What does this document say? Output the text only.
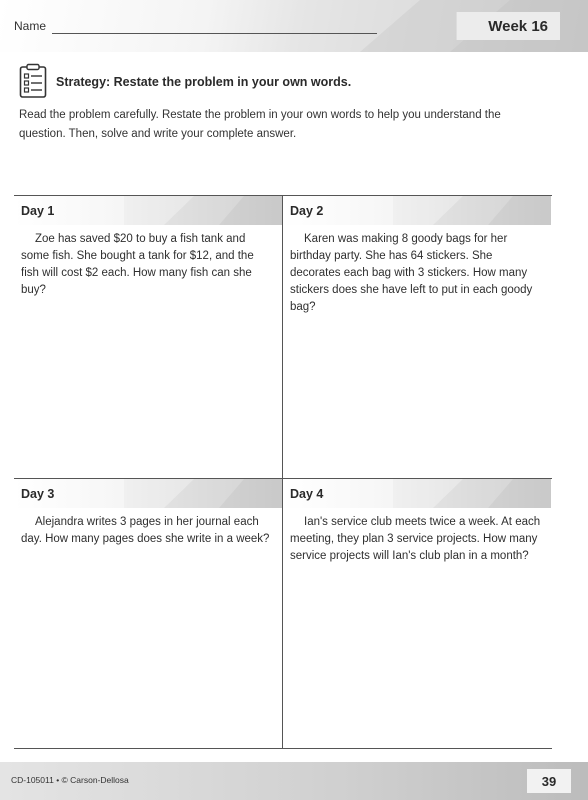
Name	Week 16
Strategy: Restate the problem in your own words.
Read the problem carefully. Restate the problem in your own words to help you understand the question. Then, solve and write your complete answer.
Day 1
Zoe has saved $20 to buy a fish tank and some fish. She bought a tank for $12, and the fish will cost $2 each. How many fish can she buy?
Day 2
Karen was making 8 goody bags for her birthday party. She has 64 stickers. She decorates each bag with 3 stickers. How many stickers does she have left to put in each goody bag?
Day 3
Alejandra writes 3 pages in her journal each day. How many pages does she write in a week?
Day 4
Ian's service club meets twice a week. At each meeting, they plan 3 service projects. How many service projects will Ian's club plan in a month?
CD-105011 • © Carson-Dellosa	39
